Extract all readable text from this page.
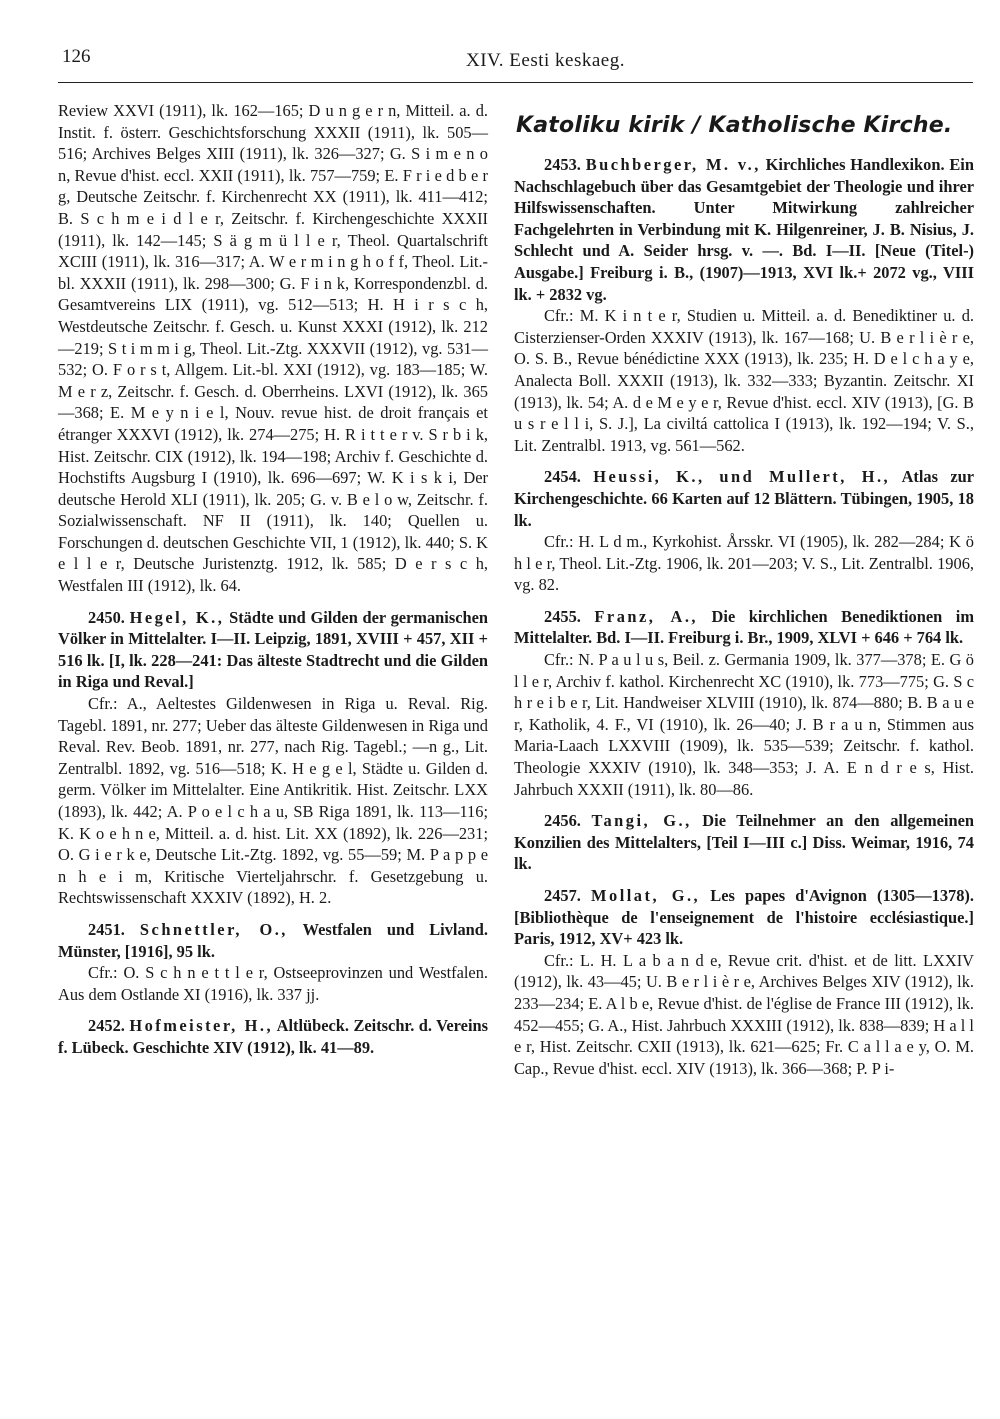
126	XIV. Eesti keskaeg.

Review XXVI (1911), lk. 162—165; D u n g e r n, Mitteil. a. d. Instit. f. österr. Geschichtsforschung XXXII (1911), lk. 505—516; Archives Belges XIII (1911), lk. 326—327; G. S i m e n o n, Revue d'hist. eccl. XXII (1911), lk. 757—759; E. F r i e d b e r g, Deutsche Zeitschr. f. Kirchenrecht XX (1911), lk. 411—412; B. S c h m e i d l e r, Zeitschr. f. Kirchengeschichte XXXII (1911), lk. 142—145; S ä g m ü l l e r, Theol. Quartalschrift XCIII (1911), lk. 316—317; A. W e r m i n g h o f f, Theol. Lit.-bl. XXXII (1911), lk. 298—300; G. F i n k, Korrespondenzbl. d. Gesamtvereins LIX (1911), vg. 512—513; H. H i r s c h, Westdeutsche Zeitschr. f. Gesch. u. Kunst XXXI (1912), lk. 212—219; S t i m m i g, Theol. Lit.-Ztg. XXXVII (1912), vg. 531—532; O. F o r s t, Allgem. Lit.-bl. XXI (1912), vg. 183—185; W. M e r z, Zeitschr. f. Gesch. d. Oberrheins. LXVI (1912), lk. 365—368; E. M e y n i e l, Nouv. revue hist. de droit français et étranger XXXVI (1912), lk. 274—275; H. R i t t e r v. S r b i k, Hist. Zeitschr. CIX (1912), lk. 194—198; Archiv f. Geschichte d. Hochstifts Augsburg I (1910), lk. 696—697; W. K i s k i, Der deutsche Herold XLI (1911), lk. 205; G. v. B e l o w, Zeitschr. f. Sozialwissenschaft. NF II (1911), lk. 140; Quellen u. Forschungen d. deutschen Geschichte VII, 1 (1912), lk. 440; S. K e l l e r, Deutsche Juristenztg. 1912, lk. 585; D e r s c h, Westfalen III (1912), lk. 64.

2450. Hegel, K., Städte und Gilden der germanischen Völker in Mittelalter. I—II. Leipzig, 1891, XVIII + 457, XII + 516 lk. [I, lk. 228—241: Das älteste Stadtrecht und die Gilden in Riga und Reval.]

Cfr.: A., Aeltestes Gildenwesen in Riga u. Reval. Rig. Tagebl. 1891, nr. 277; Ueber das älteste Gildenwesen in Riga und Reval. Rev. Beob. 1891, nr. 277, nach Rig. Tagebl.; —n g., Lit. Zentralbl. 1892, vg. 516—518; K. H e g e l, Städte u. Gilden d. germ. Völker im Mittelalter. Eine Antikritik. Hist. Zeitschr. LXX (1893), lk. 442; A. P o e l c h a u, SB Riga 1891, lk. 113—116; K. K o e h n e, Mitteil. a. d. hist. Lit. XX (1892), lk. 226—231; O. G i e r k e, Deutsche Lit.-Ztg. 1892, vg. 55—59; M. P a p p e n h e i m, Kritische Vierteljahrschr. f. Gesetzgebung u. Rechtswissenschaft XXXIV (1892), H. 2.

2451. Schnettler, O., Westfalen und Livland. Münster, [1916], 95 lk.

Cfr.: O. S c h n e t t l e r, Ostseeprovinzen und Westfalen. Aus dem Ostlande XI (1916), lk. 337 jj.

2452. Hofmeister, H., Altlübeck. Zeitschr. d. Vereins f. Lübeck. Geschichte XIV (1912), lk. 41—89.

Katoliku kirik / Katholische Kirche.

2453. Buchberger, M. v., Kirchliches Handlexikon. Ein Nachschlagebuch über das Gesamtgebiet der Theologie und ihrer Hilfswissenschaften. Unter Mitwirkung zahlreicher Fachgelehrten in Verbindung mit K. Hilgenreiner, J. B. Nisius, J. Schlecht und A. Seider hrsg. v. —. Bd. I—II. [Neue (Titel-) Ausgabe.] Freiburg i. B., (1907)—1913, XVI lk.+ 2072 vg., VIII lk. + 2832 vg.

Cfr.: M. K i n t e r, Studien u. Mitteil. a. d. Benediktiner u. d. Cisterzienser-Orden XXXIV (1913), lk. 167—168; U. B e r l i è r e, O. S. B., Revue bénédictine XXX (1913), lk. 235; H. D e l c h a y e, Analecta Boll. XXXII (1913), lk. 332—333; Byzantin. Zeitschr. XI (1913), lk. 54; A. d e M e y e r, Revue d'hist. eccl. XIV (1913), [G. B u s r e l l i, S. J.], La civiltá cattolica I (1913), lk. 192—194; V. S., Lit. Zentralbl. 1913, vg. 561—562.

2454. Heussi, K., und Mullert, H., Atlas zur Kirchengeschichte. 66 Karten auf 12 Blättern. Tübingen, 1905, 18 lk.

Cfr.: H. L d m., Kyrkohist. Årsskr. VI (1905), lk. 282—284; K ö h l e r, Theol. Lit.-Ztg. 1906, lk. 201—203; V. S., Lit. Zentralbl. 1906, vg. 82.

2455. Franz, A., Die kirchlichen Benediktionen im Mittelalter. Bd. I—II. Freiburg i. Br., 1909, XLVI + 646 + 764 lk.

Cfr.: N. P a u l u s, Beil. z. Germania 1909, lk. 377—378; E. G ö l l e r, Archiv f. kathol. Kirchenrecht XC (1910), lk. 773—775; G. S c h r e i b e r, Lit. Handweiser XLVIII (1910), lk. 874—880; B. B a u e r, Katholik, 4. F., VI (1910), lk. 26—40; J. B r a u n, Stimmen aus Maria-Laach LXXVIII (1909), lk. 535—539; Zeitschr. f. kathol. Theologie XXXIV (1910), lk. 348—353; J. A. E n d r e s, Hist. Jahrbuch XXXII (1911), lk. 80—86.

2456. Tangi, G., Die Teilnehmer an den allgemeinen Konzilien des Mittelalters, [Teil I—III c.] Diss. Weimar, 1916, 74 lk.

2457. Mollat, G., Les papes d'Avignon (1305—1378). [Bibliothèque de l'enseignement de l'histoire ecclésiastique.] Paris, 1912, XV+ 423 lk.

Cfr.: L. H. L a b a n d e, Revue crit. d'hist. et de litt. LXXIV (1912), lk. 43—45; U. B e r l i è r e, Archives Belges XIV (1912), lk. 233—234; E. A l b e, Revue d'hist. de l'église de France III (1912), lk. 452—455; G. A., Hist. Jahrbuch XXXIII (1912), lk. 838—839; H a l l e r, Hist. Zeitschr. CXII (1913), lk. 621—625; Fr. C a l l a e y, O. M. Cap., Revue d'hist. eccl. XIV (1913), lk. 366—368; P. P i-
